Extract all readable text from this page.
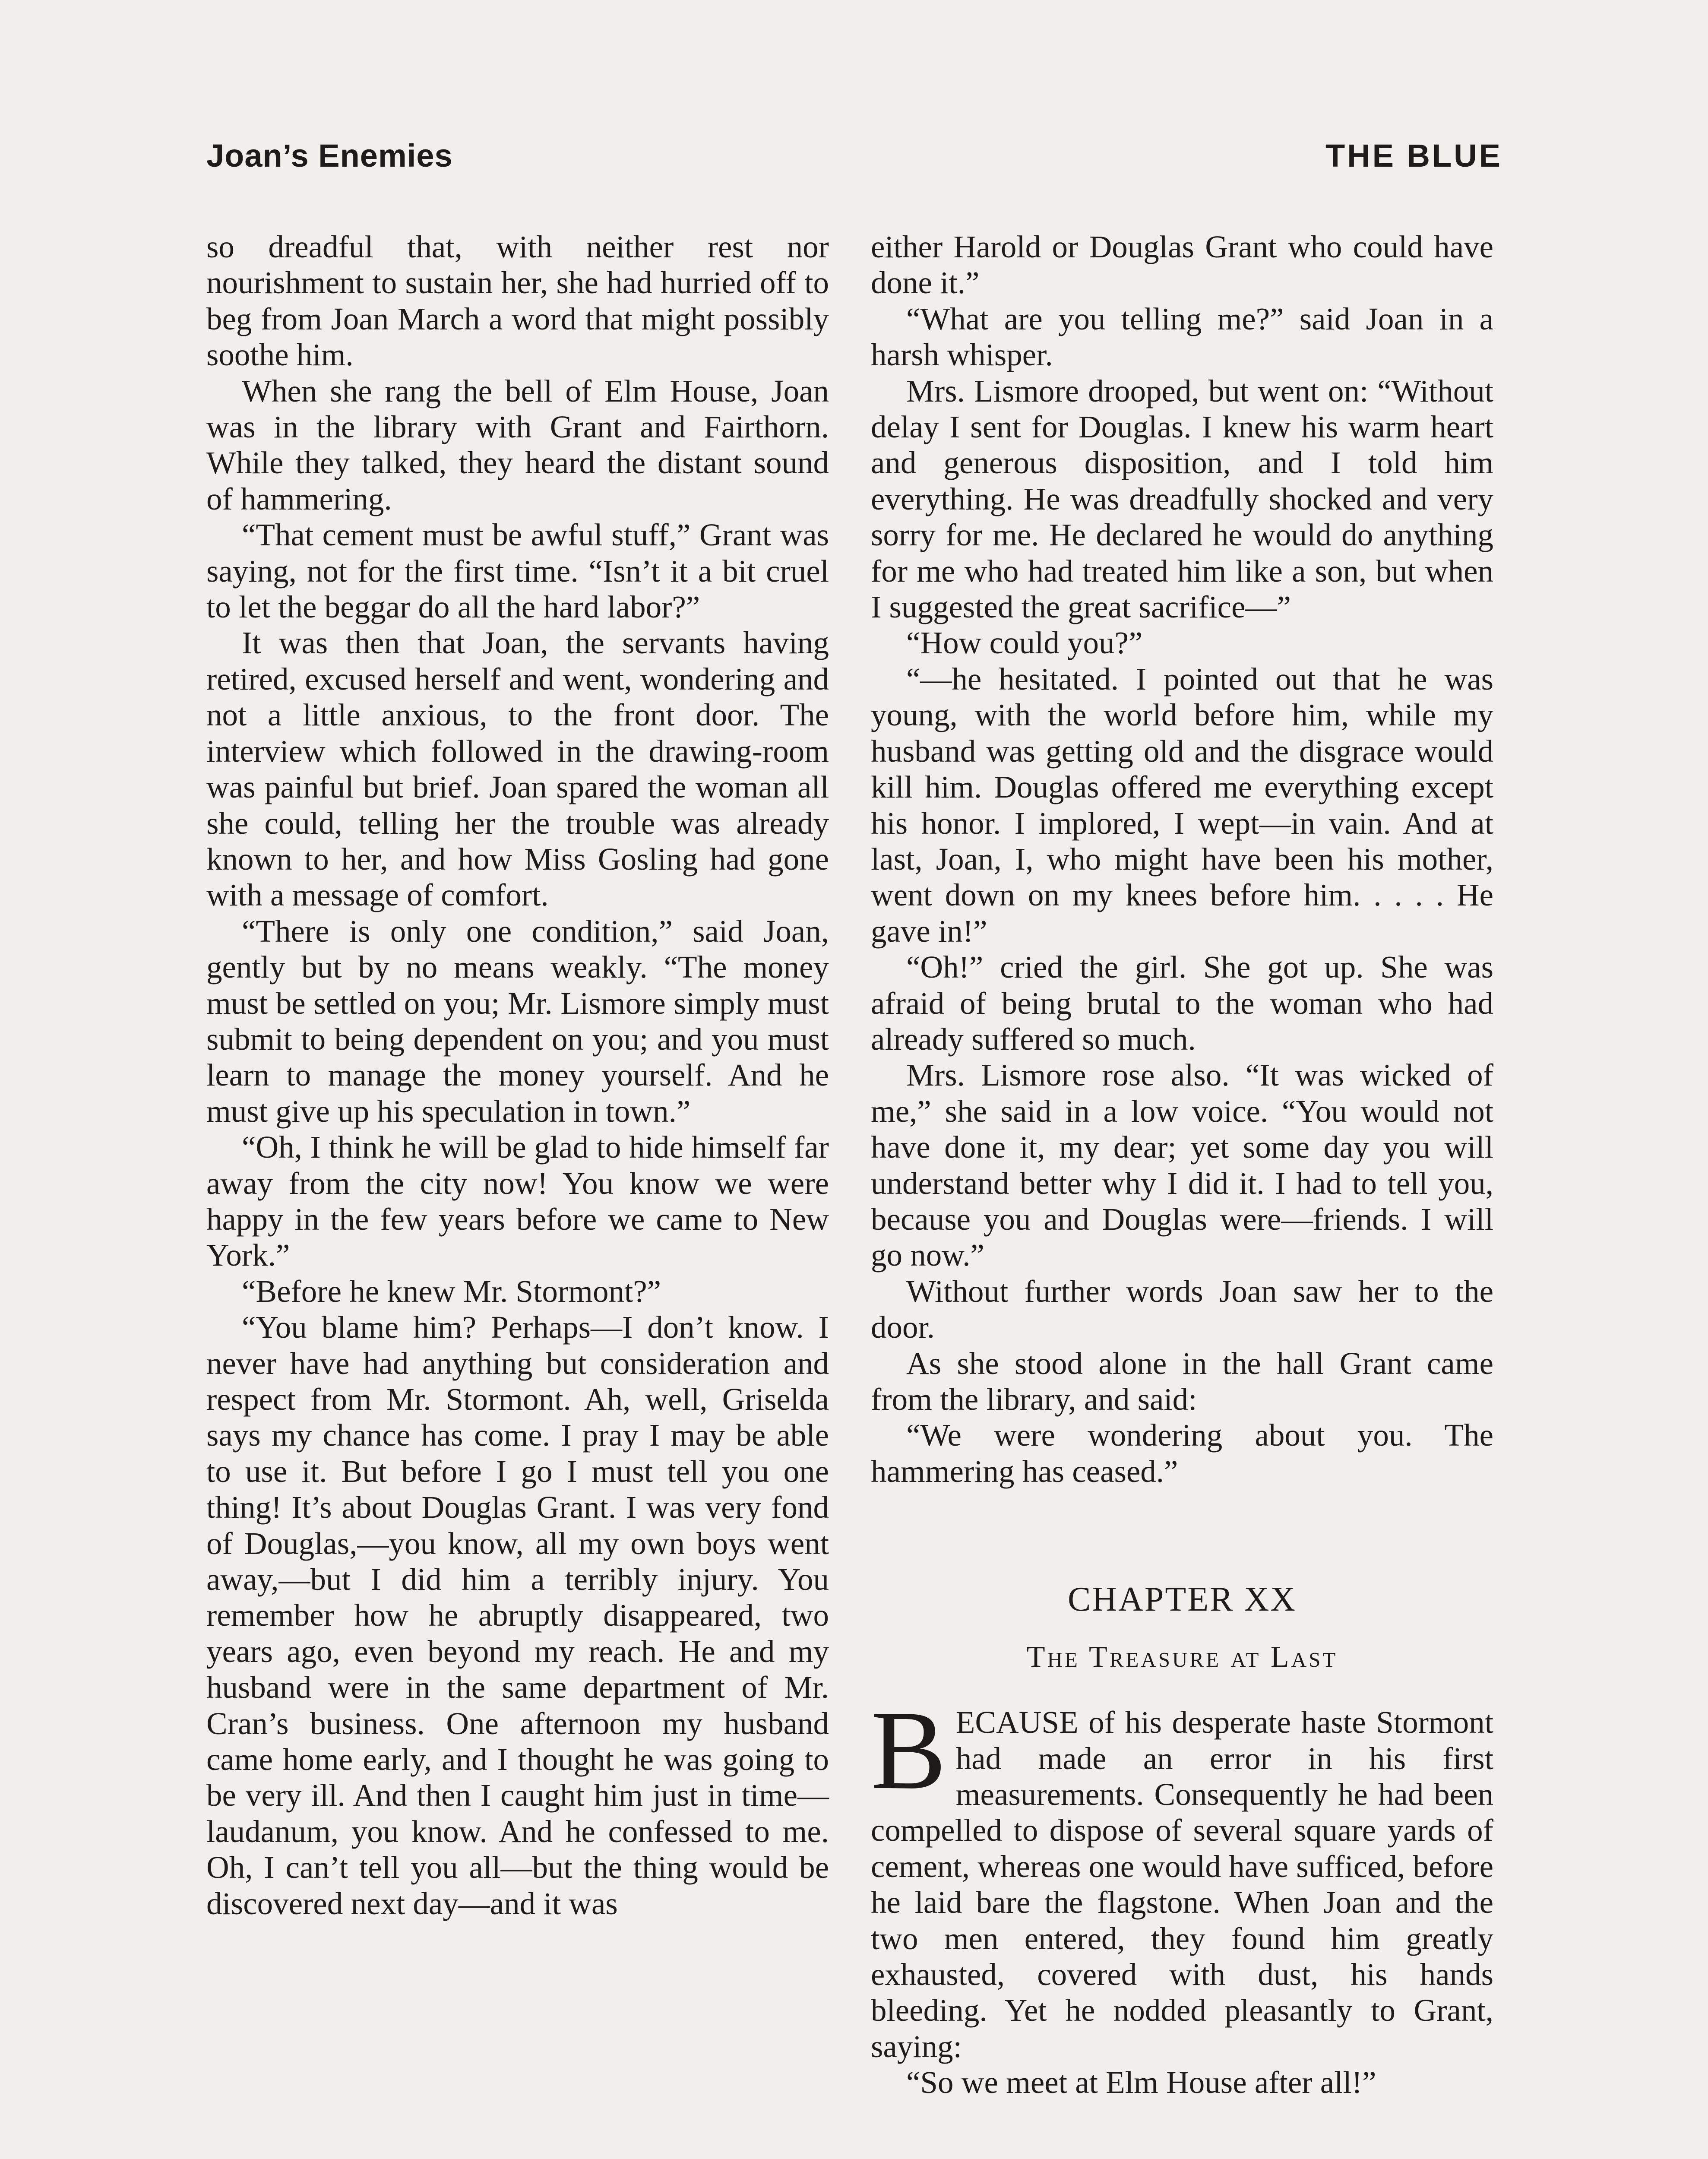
Joan’s Enemies	THE BLUE

so dreadful that, with neither rest nor nourishment to sustain her, she had hurried off to beg from Joan March a word that might possibly soothe him.

When she rang the bell of Elm House, Joan was in the library with Grant and Fairthorn. While they talked, they heard the distant sound of hammering.

“That cement must be awful stuff,” Grant was saying, not for the first time. “Isn’t it a bit cruel to let the beggar do all the hard labor?”

It was then that Joan, the servants having retired, excused herself and went, wondering and not a little anxious, to the front door. The interview which followed in the drawing-room was painful but brief. Joan spared the woman all she could, telling her the trouble was already known to her, and how Miss Gosling had gone with a message of comfort.

“There is only one condition,” said Joan, gently but by no means weakly. “The money must be settled on you; Mr. Lismore simply must submit to being dependent on you; and you must learn to manage the money yourself. And he must give up his speculation in town.”

“Oh, I think he will be glad to hide himself far away from the city now! You know we were happy in the few years before we came to New York.”

“Before he knew Mr. Stormont?”

“You blame him? Perhaps—I don’t know. I never have had anything but consideration and respect from Mr. Stormont. Ah, well, Griselda says my chance has come. I pray I may be able to use it. But before I go I must tell you one thing! It’s about Douglas Grant. I was very fond of Douglas,—you know, all my own boys went away,—but I did him a terribly injury. You remember how he abruptly disappeared, two years ago, even beyond my reach. He and my husband were in the same department of Mr. Cran’s business. One afternoon my husband came home early, and I thought he was going to be very ill. And then I caught him just in time—laudanum, you know. And he confessed to me. Oh, I can’t tell you all—but the thing would be discovered next day—and it was

either Harold or Douglas Grant who could have done it.”

“What are you telling me?” said Joan in a harsh whisper.

Mrs. Lismore drooped, but went on: “Without delay I sent for Douglas. I knew his warm heart and generous disposition, and I told him everything. He was dreadfully shocked and very sorry for me. He declared he would do anything for me who had treated him like a son, but when I suggested the great sacrifice—”

“How could you?”

“—he hesitated. I pointed out that he was young, with the world before him, while my husband was getting old and the disgrace would kill him. Douglas offered me everything except his honor. I implored, I wept—in vain. And at last, Joan, I, who might have been his mother, went down on my knees before him. . . . . He gave in!”

“Oh!” cried the girl. She got up. She was afraid of being brutal to the woman who had already suffered so much.

Mrs. Lismore rose also. “It was wicked of me,” she said in a low voice. “You would not have done it, my dear; yet some day you will understand better why I did it. I had to tell you, because you and Douglas were—friends. I will go now.”

Without further words Joan saw her to the door.

As she stood alone in the hall Grant came from the library, and said:

“We were wondering about you. The hammering has ceased.”

CHAPTER XX
The Treasure at Last

BECAUSE of his desperate haste Stormont had made an error in his first measurements. Consequently he had been compelled to dispose of several square yards of cement, whereas one would have sufficed, before he laid bare the flagstone. When Joan and the two men entered, they found him greatly exhausted, covered with dust, his hands bleeding. Yet he nodded pleasantly to Grant, saying:

“So we meet at Elm House after all!”
